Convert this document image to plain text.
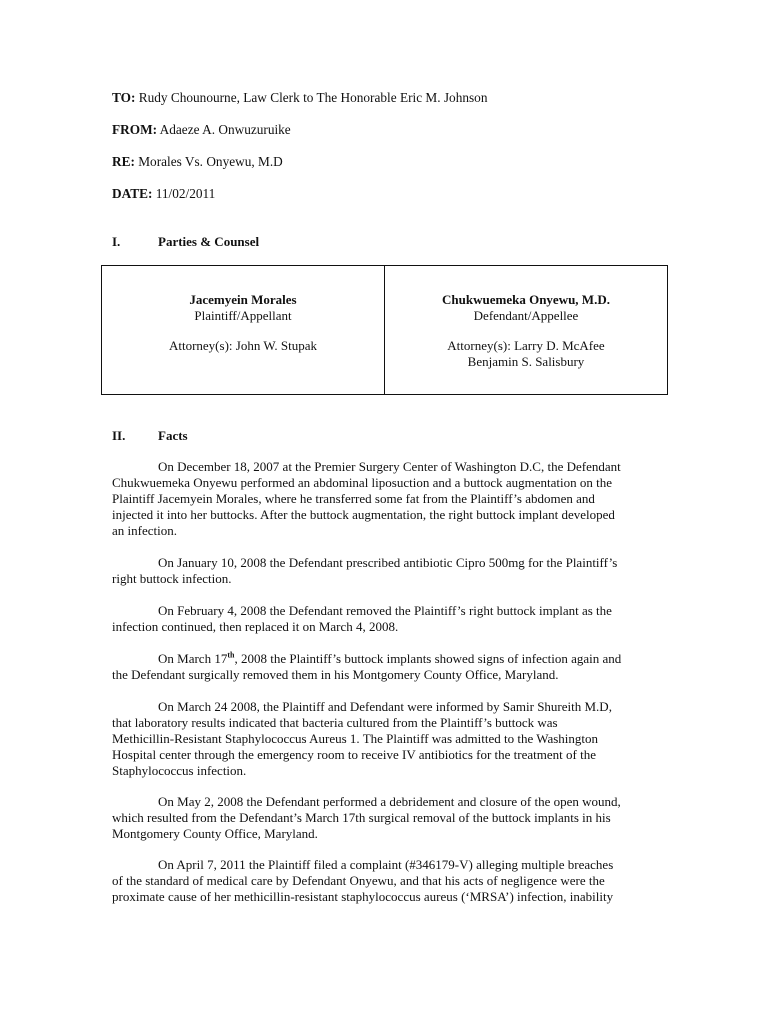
TO: Rudy Chounourne, Law Clerk to The Honorable Eric M. Johnson
FROM: Adaeze A. Onwuzuruike
RE: Morales Vs. Onyewu, M.D
DATE: 11/02/2011
I.	Parties & Counsel
Jacemyein Morales
Plaintiff/Appellant
Attorney(s): John W. Stupak
Chukwuemeka Onyewu, M.D.
Defendant/Appellee
Attorney(s): Larry D. McAfee
Benjamin S. Salisbury
II.	Facts
On December 18, 2007 at the Premier Surgery Center of Washington D.C, the Defendant
Chukwuemeka Onyewu performed an abdominal liposuction and a buttock augmentation on the
Plaintiff Jacemyein Morales, where he transferred some fat from the Plaintiff’s abdomen and
injected it into her buttocks. After the buttock augmentation, the right buttock implant developed
an infection.
On January 10, 2008 the Defendant prescribed antibiotic Cipro 500mg for the Plaintiff’s
right buttock infection.
On February 4, 2008 the Defendant removed the Plaintiff’s right buttock implant as the
infection continued, then replaced it on March 4, 2008.
On March 17th, 2008 the Plaintiff’s buttock implants showed signs of infection again and
the Defendant surgically removed them in his Montgomery County Office, Maryland.
On March 24 2008, the Plaintiff and Defendant were informed by Samir Shureith M.D,
that laboratory results indicated that bacteria cultured from the Plaintiff’s buttock was
Methicillin-Resistant Staphylococcus Aureus 1. The Plaintiff was admitted to the Washington
Hospital center through the emergency room to receive IV antibiotics for the treatment of the
Staphylococcus infection.
On May 2, 2008 the Defendant performed a debridement and closure of the open wound,
which resulted from the Defendant’s March 17th surgical removal of the buttock implants in his
Montgomery County Office, Maryland.
On April 7, 2011 the Plaintiff filed a complaint (#346179-V) alleging multiple breaches
of the standard of medical care by Defendant Onyewu, and that his acts of negligence were the
proximate cause of her methicillin-resistant staphylococcus aureus (‘MRSA’) infection, inability
